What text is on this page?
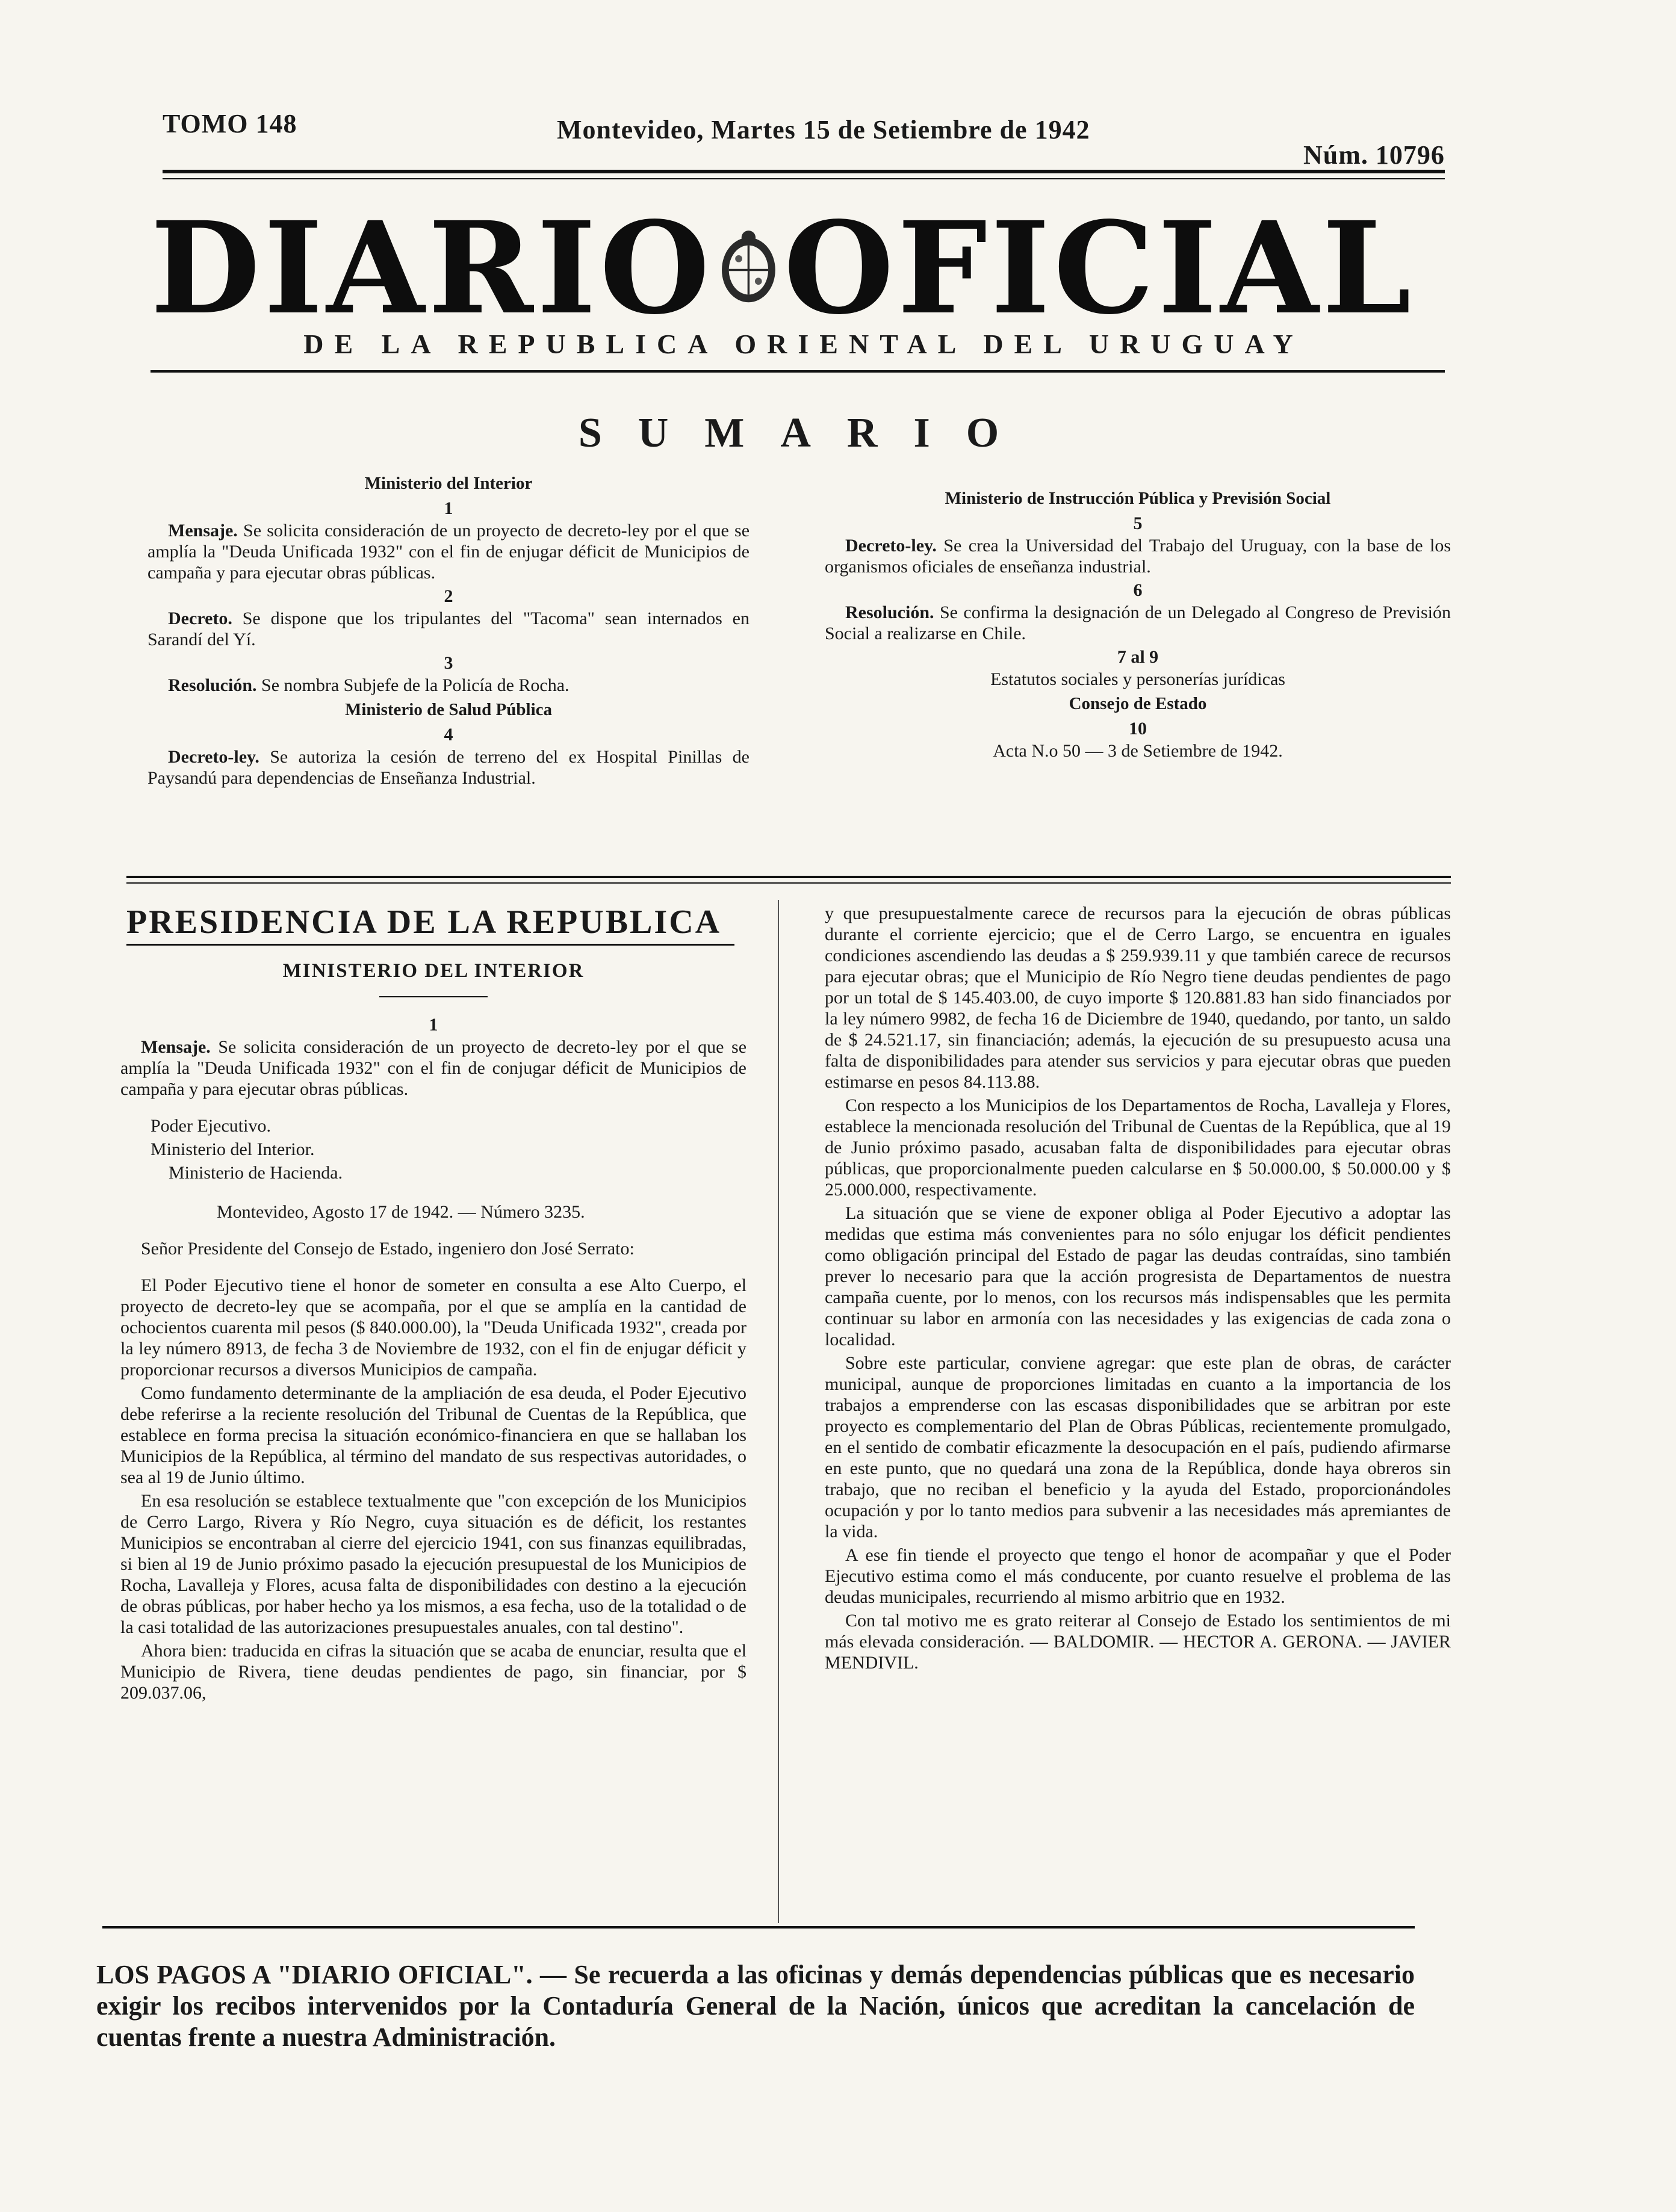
TOMO 148	Montevideo, Martes 15 de Setiembre de 1942
Núm. 10796
DIARIO OFICIAL
DE LA REPUBLICA ORIENTAL DEL URUGUAY
SUMARIO
Ministerio del Interior
1

Mensaje. Se solicita consideración de un proyecto de decreto-ley por el que se amplía la "Deuda Unificada 1932" con el fin de enjugar déficit de Municipios de campaña y para ejecutar obras públicas.

2

Decreto. Se dispone que los tripulantes del "Tacoma" sean internados en Sarandí del Yí.

3

Resolución. Se nombra Subjefe de la Policía de Rocha.

Ministerio de Salud Pública
4

Decreto-ley. Se autoriza la cesión de terreno del ex Hospital Pinillas de Paysandú para dependencias de Enseñanza Industrial.

Ministerio de Instrucción Pública y Previsión Social
5

Decreto-ley. Se crea la Universidad del Trabajo del Uruguay, con la base de los organismos oficiales de enseñanza industrial.

6

Resolución. Se confirma la designación de un Delegado al Congreso de Previsión Social a realizarse en Chile.

7 al 9

Estatutos sociales y personerías jurídicas

Consejo de Estado
10

Acta N.o 50 — 3 de Setiembre de 1942.

PRESIDENCIA DE LA REPUBLICA
MINISTERIO DEL INTERIOR
1

Mensaje. Se solicita consideración de un proyecto de decreto-ley por el que se amplía la "Deuda Unificada 1932" con el fin de conjugar déficit de Municipios de campaña y para ejecutar obras públicas.

Poder Ejecutivo.

Ministerio del Interior.

Ministerio de Hacienda.

Montevideo, Agosto 17 de 1942. — Número 3235.

Señor Presidente del Consejo de Estado, ingeniero don José Serrato:

El Poder Ejecutivo tiene el honor de someter en consulta a ese Alto Cuerpo, el proyecto de decreto-ley que se acompaña, por el que se amplía en la cantidad de ochocientos cuarenta mil pesos ($ 840.000.00), la "Deuda Unificada 1932", creada por la ley número 8913, de fecha 3 de Noviembre de 1932, con el fin de enjugar déficit y proporcionar recursos a diversos Municipios de campaña.

Como fundamento determinante de la ampliación de esa deuda, el Poder Ejecutivo debe referirse a la reciente resolución del Tribunal de Cuentas de la República, que establece en forma precisa la situación económico-financiera en que se hallaban los Municipios de la República, al término del mandato de sus respectivas autoridades, o sea al 19 de Junio último.

En esa resolución se establece textualmente que "con excepción de los Municipios de Cerro Largo, Rivera y Río Negro, cuya situación es de déficit, los restantes Municipios se encontraban al cierre del ejercicio 1941, con sus finanzas equilibradas, si bien al 19 de Junio próximo pasado la ejecución presupuestal de los Municipios de Rocha, Lavalleja y Flores, acusa falta de disponibilidades con destino a la ejecución de obras públicas, por haber hecho ya los mismos, a esa fecha, uso de la totalidad o de la casi totalidad de las autorizaciones presupuestales anuales, con tal destino".

Ahora bien: traducida en cifras la situación que se acaba de enunciar, resulta que el Municipio de Rivera, tiene deudas pendientes de pago, sin financiar, por $ 209.037.06,

y que presupuestalmente carece de recursos para la ejecución de obras públicas durante el corriente ejercicio; que el de Cerro Largo, se encuentra en iguales condiciones ascendiendo las deudas a $ 259.939.11 y que también carece de recursos para ejecutar obras; que el Municipio de Río Negro tiene deudas pendientes de pago por un total de $ 145.403.00, de cuyo importe $ 120.881.83 han sido financiados por la ley número 9982, de fecha 16 de Diciembre de 1940, quedando, por tanto, un saldo de $ 24.521.17, sin financiación; además, la ejecución de su presupuesto acusa una falta de disponibilidades para atender sus servicios y para ejecutar obras que pueden estimarse en pesos 84.113.88.

Con respecto a los Municipios de los Departamentos de Rocha, Lavalleja y Flores, establece la mencionada resolución del Tribunal de Cuentas de la República, que al 19 de Junio próximo pasado, acusaban falta de disponibilidades para ejecutar obras públicas, que proporcionalmente pueden calcularse en $ 50.000.00, $ 50.000.00 y $ 25.000.000, respectivamente.

La situación que se viene de exponer obliga al Poder Ejecutivo a adoptar las medidas que estima más convenientes para no sólo enjugar los déficit pendientes como obligación principal del Estado de pagar las deudas contraídas, sino también prever lo necesario para que la acción progresista de Departamentos de nuestra campaña cuente, por lo menos, con los recursos más indispensables que les permita continuar su labor en armonía con las necesidades y las exigencias de cada zona o localidad.

Sobre este particular, conviene agregar: que este plan de obras, de carácter municipal, aunque de proporciones limitadas en cuanto a la importancia de los trabajos a emprenderse con las escasas disponibilidades que se arbitran por este proyecto es complementario del Plan de Obras Públicas, recientemente promulgado, en el sentido de combatir eficazmente la desocupación en el país, pudiendo afirmarse en este punto, que no quedará una zona de la República, donde haya obreros sin trabajo, que no reciban el beneficio y la ayuda del Estado, proporcionándoles ocupación y por lo tanto medios para subvenir a las necesidades más apremiantes de la vida.

A ese fin tiende el proyecto que tengo el honor de acompañar y que el Poder Ejecutivo estima como el más conducente, por cuanto resuelve el problema de las deudas municipales, recurriendo al mismo arbitrio que en 1932.

Con tal motivo me es grato reiterar al Consejo de Estado los sentimientos de mi más elevada consideración. — BALDOMIR. — HECTOR A. GERONA. — JAVIER MENDIVIL.

LOS PAGOS A "DIARIO OFICIAL". — Se recuerda a las oficinas y demás dependencias públicas que es necesario exigir los recibos intervenidos por la Contaduría General de la Nación, únicos que acreditan la cancelación de cuentas frente a nuestra Administración.
